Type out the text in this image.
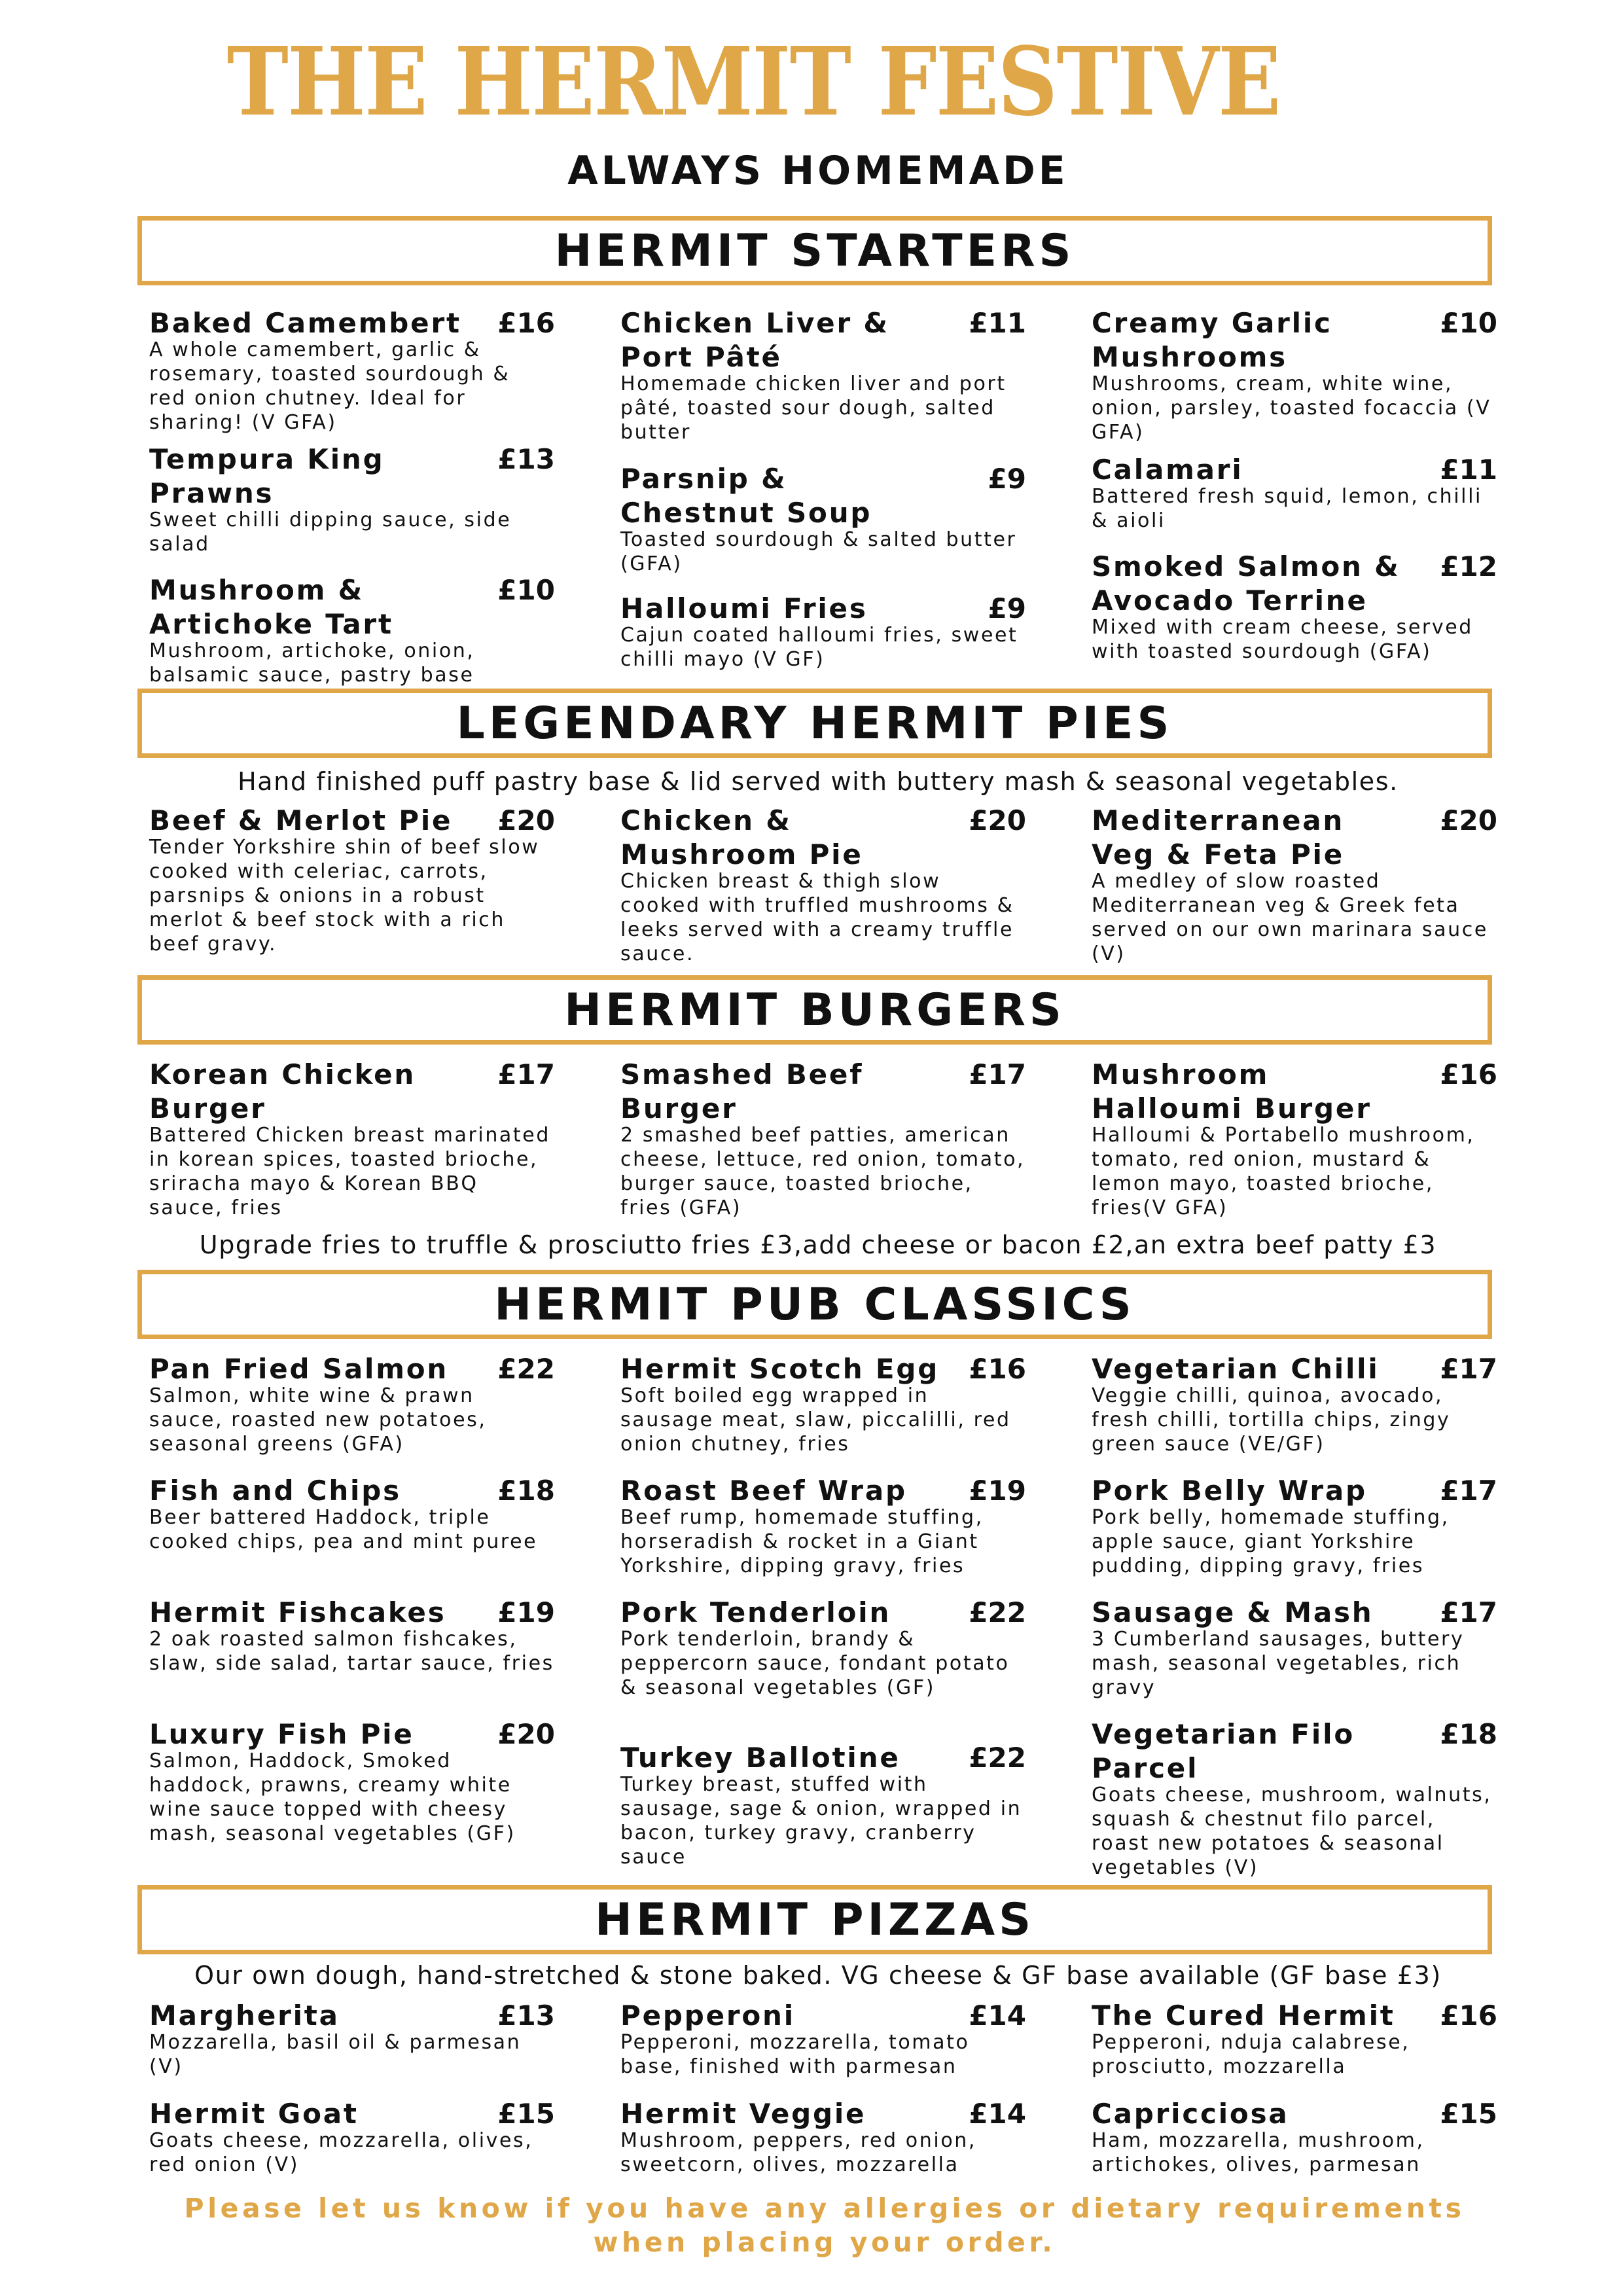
THE HERMIT FESTIVE
ALWAYS HOMEMADE
HERMIT STARTERS
Baked Camembert	£16
A whole camembert, garlic & rosemary, toasted sourdough & red onion chutney. Ideal for sharing! (V GFA)
Tempura King Prawns
£13
Sweet chilli dipping sauce, side salad
Mushroom & Artichoke Tart
£10
Mushroom, artichoke, onion, balsamic sauce, pastry base
Chicken Liver & Port Pâté
£11
Homemade chicken liver and port pâté, toasted sour dough, salted butter
Parsnip & Chestnut Soup
£9
Toasted sourdough & salted butter (GFA)
Halloumi Fries	£9
Cajun coated halloumi fries, sweet chilli mayo (V GF)
Creamy Garlic Mushrooms
£10
Mushrooms, cream, white wine, onion, parsley, toasted focaccia (V GFA)
Calamari	£11
Battered fresh squid, lemon, chilli & aioli
Smoked Salmon & Avocado Terrine
£12
Mixed with cream cheese, served with toasted sourdough (GFA)
LEGENDARY HERMIT PIES
Hand finished puff pastry base & lid served with buttery mash & seasonal vegetables.
Beef & Merlot Pie	£20
Tender Yorkshire shin of beef slow cooked with celeriac, carrots, parsnips & onions in a robust merlot & beef stock with a rich beef gravy.
Chicken & Mushroom Pie
£20
Chicken breast & thigh slow cooked with truffled mushrooms & leeks served with a creamy truffle sauce.
Mediterranean Veg & Feta Pie
£20
A medley of slow roasted Mediterranean veg & Greek feta served on our own marinara sauce (V)
HERMIT BURGERS
Korean Chicken Burger
£17
Battered Chicken breast marinated in korean spices, toasted brioche, sriracha mayo & Korean BBQ sauce, fries
Smashed Beef Burger
£17
2 smashed beef patties, american cheese, lettuce, red onion, tomato, burger sauce, toasted brioche, fries (GFA)
Mushroom Halloumi Burger
£16
Halloumi & Portabello mushroom, tomato, red onion, mustard & lemon mayo, toasted brioche, fries(V GFA)
Upgrade fries to truffle & prosciutto fries £3,add cheese or bacon £2,an extra beef patty £3
HERMIT PUB CLASSICS
Pan Fried Salmon	£22
Salmon, white wine & prawn sauce, roasted new potatoes, seasonal greens (GFA)
Fish and Chips	£18
Beer battered Haddock, triple cooked chips, pea and mint puree
Hermit Fishcakes	£19
2 oak roasted salmon fishcakes, slaw, side salad, tartar sauce, fries
Luxury Fish Pie	£20
Salmon, Haddock, Smoked haddock, prawns, creamy white wine sauce topped with cheesy mash, seasonal vegetables (GF)
Hermit Scotch Egg	£16
Soft boiled egg wrapped in sausage meat, slaw, piccalilli, red onion chutney, fries
Roast Beef Wrap	£19
Beef rump, homemade stuffing, horseradish & rocket in a Giant Yorkshire, dipping gravy, fries
Pork Tenderloin	£22
Pork tenderloin, brandy & peppercorn sauce, fondant potato & seasonal vegetables (GF)
Turkey Ballotine	£22
Turkey breast, stuffed with sausage, sage & onion, wrapped in bacon, turkey gravy, cranberry sauce
Vegetarian Chilli	£17
Veggie chilli, quinoa, avocado, fresh chilli, tortilla chips, zingy green sauce (VE/GF)
Pork Belly Wrap	£17
Pork belly, homemade stuffing, apple sauce, giant Yorkshire pudding, dipping gravy, fries
Sausage & Mash	£17
3 Cumberland sausages, buttery mash, seasonal vegetables, rich gravy
Vegetarian Filo Parcel
£18
Goats cheese, mushroom, walnuts, squash & chestnut filo parcel, roast new potatoes & seasonal vegetables (V)
HERMIT PIZZAS
Our own dough, hand-stretched & stone baked. VG cheese & GF base available (GF base £3)
Margherita	£13
Mozzarella, basil oil & parmesan (V)
Hermit Goat	£15
Goats cheese, mozzarella, olives, red onion (V)
Pepperoni	£14
Pepperoni, mozzarella, tomato base, finished with parmesan
Hermit Veggie	£14
Mushroom, peppers, red onion, sweetcorn, olives, mozzarella
The Cured Hermit	£16
Pepperoni, nduja calabrese, prosciutto, mozzarella
Capricciosa	£15
Ham, mozzarella, mushroom, artichokes, olives, parmesan
Please let us know if you have any allergies or dietary requirements when placing your order.
